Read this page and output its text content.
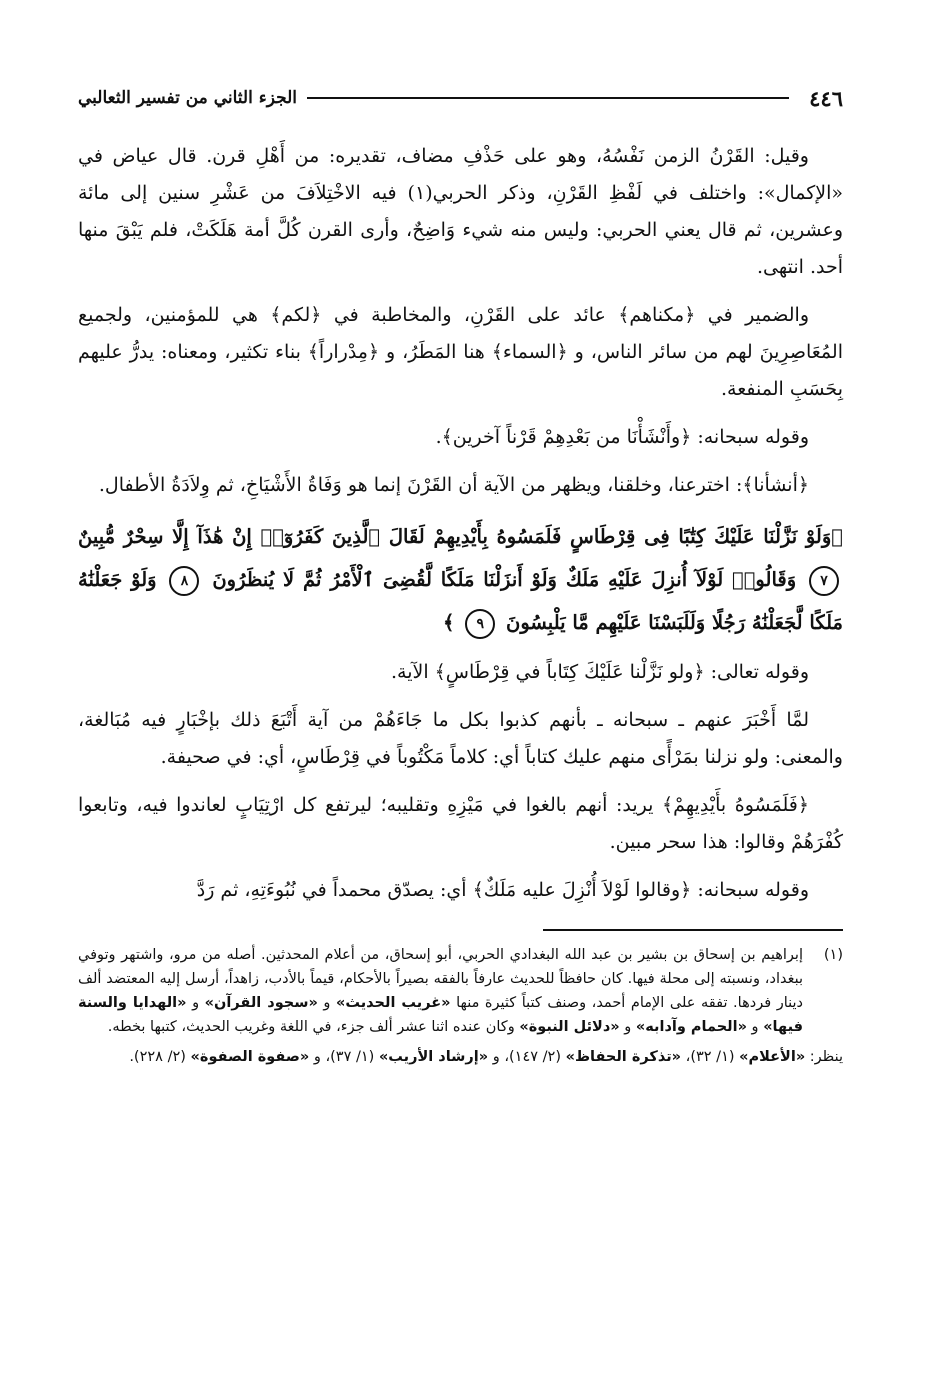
٤٤٦
الجزء الثاني من تفسير الثعالبي

وقيل: القَرْنُ الزمن نَفْسُهُ، وهو على حَذْفِ مضاف، تقديره: من أَهْلِ قرن. قال عياض في «الإكمال»: واختلف في لَفْظِ القَرْنِ، وذكر الحربي(١) فيه الاخْتِلاَفَ من عَشْرِ سنين إلى مائة وعشرين، ثم قال يعني الحربي: وليس منه شيء وَاضِحٌ، وأرى القرن كُلَّ أمة هَلَكَتْ، فلم يَبْقَ منها أحد. انتهى.

والضمير في ﴿مكناهم﴾ عائد على القَرْنِ، والمخاطبة في ﴿لكم﴾ هي للمؤمنين، ولجميع المُعَاصِرِينَ لهم من سائر الناس، و ﴿السماء﴾ هنا المَطَرُ، و ﴿مِدْراراً﴾ بناء تكثير، ومعناه: يدرُّ عليهم بِحَسَبِ المنفعة.

وقوله سبحانه: ﴿وأَنْشَأْنَا من بَعْدِهِمْ قَرْناً آخرين﴾.

﴿أنشأنا﴾: اخترعنا، وخلقنا، ويظهر من الآية أن القَرْنَ إنما هو وَفَاةُ الأَشْيَاخِ، ثم وِلاَدَةُ الأطفال.

﴿وَلَوْ نَزَّلْنَا عَلَيْكَ كِتَٰبًا فِى قِرْطَاسٍ فَلَمَسُوهُ بِأَيْدِيهِمْ لَقَالَ ٱلَّذِينَ كَفَرُوٓا۟ إِنْ هَٰذَآ إِلَّا سِحْرٌ مُّبِينٌ ٧ وَقَالُوا۟ لَوْلَآ أُنزِلَ عَلَيْهِ مَلَكٌ وَلَوْ أَنزَلْنَا مَلَكًا لَّقُضِىَ ٱلْأَمْرُ ثُمَّ لَا يُنظَرُونَ ٨ وَلَوْ جَعَلْنَٰهُ مَلَكًا لَّجَعَلْنَٰهُ رَجُلًا وَلَلَبَسْنَا عَلَيْهِم مَّا يَلْبِسُونَ ٩ ﴾

وقوله تعالى: ﴿ولو نَزَّلْنا عَلَيْكَ كِتَاباً في قِرْطَاسٍ﴾ الآية.

لمَّا أَخْبَرَ عنهم ـ سبحانه ـ بأنهم كذبوا بكل ما جَاءَهُمْ من آية أَتْبَعَ ذلك بإخْبَارٍ فيه مُبَالغة، والمعنى: ولو نزلنا بمَرْأًى منهم عليك كتاباً أي: كلاماً مَكْتُوباً في قِرْطَاسٍ، أي: في صحيفة.

﴿فَلَمَسُوهُ بأَيْدِيهِمْ﴾ يريد: أنهم بالغوا في مَيْزِهِ وتقليبه؛ ليرتفع كل ارْتِيَابٍ لعاندوا فيه، وتابعوا كُفْرَهُمْ وقالوا: هذا سحر مبين.

وقوله سبحانه: ﴿وقالوا لَوْلاَ أُنْزِلَ عليه مَلَكٌ﴾ أي: يصدّق محمداً في نُبُوءَتِهِ، ثم رَدَّ

(١)
إبراهيم بن إسحاق بن بشير بن عبد الله البغدادي الحربي، أبو إسحاق، من أعلام المحدثين. أصله من مرو، واشتهر وتوفي ببغداد، ونسبته إلى محلة فيها. كان حافظاً للحديث عارفاً بالفقه بصيراً بالأحكام، قيماً بالأدب، زاهداً، أرسل إليه المعتضد ألف دينار فردها. تفقه على الإمام أحمد، وصنف كتباً كثيرة منها «غريب الحديث» و «سجود القرآن» و «الهدايا والسنة فيها» و «الحمام وآدابه» و «دلائل النبوة» وكان عنده اثنا عشر ألف جزء، في اللغة وغريب الحديث، كتبها بخطه.
ينظر: «الأعلام» (١/ ٣٢)، «تذكرة الحفاظ» (٢/ ١٤٧)، و «إرشاد الأريب» (١/ ٣٧)، و «صفوة الصفوة» (٢/ ٢٢٨).
